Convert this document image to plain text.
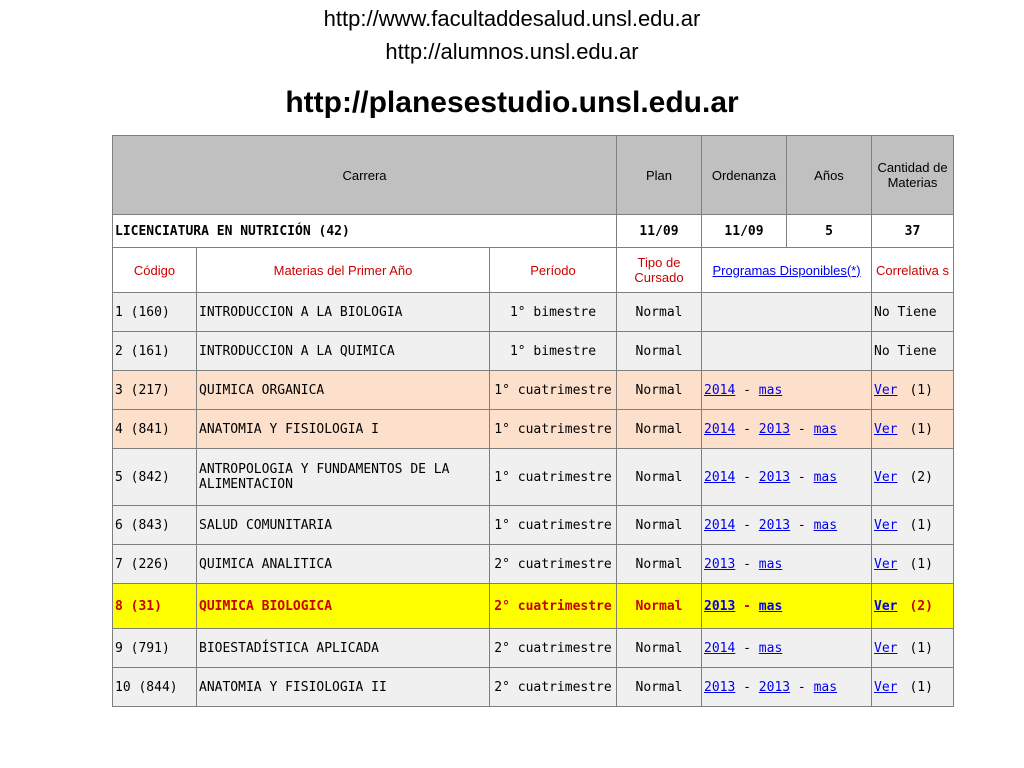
http://www.facultaddesalud.unsl.edu.ar
http://alumnos.unsl.edu.ar
http://planesestudio.unsl.edu.ar
Carrera			Plan	Ordenanza	Años	Cantidad de Materias
LICENCIATURA EN NUTRICIÓN (42)			11/09	11/09	5	37
Código	Materias del Primer Año	Período	Tipo de Cursado	Programas Disponibles(*)		Correlativa s
1 (160)	INTRODUCCION A LA BIOLOGIA	1° bimestre	Normal			No Tiene
2 (161)	INTRODUCCION A LA QUIMICA	1° bimestre	Normal			No Tiene
3 (217)	QUIMICA ORGANICA	1° cuatrimestre	Normal	2014 - mas		Ver (1)
4 (841)	ANATOMIA Y FISIOLOGIA I	1° cuatrimestre	Normal	2014 - 2013 - mas		Ver (1)
5 (842)	ANTROPOLOGIA Y FUNDAMENTOS DE LA ALIMENTACION	1° cuatrimestre	Normal	2014 - 2013 - mas		Ver (2)
6 (843)	SALUD COMUNITARIA	1° cuatrimestre	Normal	2014 - 2013 - mas		Ver (1)
7 (226)	QUIMICA ANALITICA	2° cuatrimestre	Normal	2013 - mas		Ver (1)
8 (31)	QUIMICA BIOLOGICA	2° cuatrimestre	Normal	2013 - mas		Ver (2)
9 (791)	BIOESTADÍSTICA APLICADA	2° cuatrimestre	Normal	2014 - mas		Ver (1)
10 (844)	ANATOMIA Y FISIOLOGIA II	2° cuatrimestre	Normal	2013 - 2013 - mas		Ver (1)
